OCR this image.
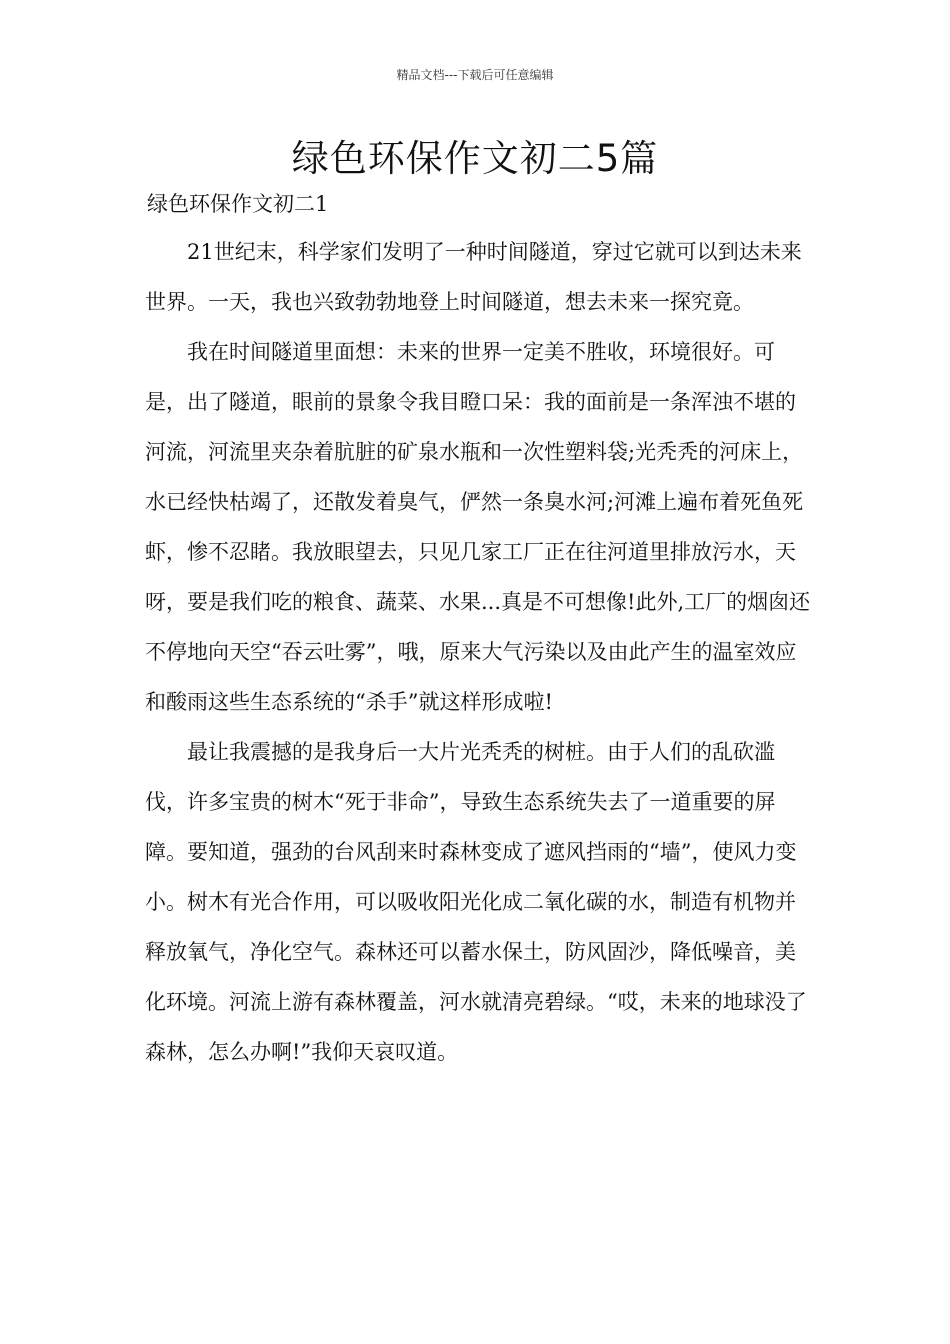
精品文档---下载后可任意编辑
绿色环保作文初二5篇
绿色环保作文初二1

21世纪末，科学家们发明了一种时间隧道，穿过它就可以到达未来世界。一天，我也兴致勃勃地登上时间隧道，想去未来一探究竟。

我在时间隧道里面想：未来的世界一定美不胜收，环境很好。可是，出了隧道，眼前的景象令我目瞪口呆：我的面前是一条浑浊不堪的河流，河流里夹杂着肮脏的矿泉水瓶和一次性塑料袋;光秃秃的河床上，水已经快枯竭了，还散发着臭气，俨然一条臭水河;河滩上遍布着死鱼死虾，惨不忍睹。我放眼望去，只见几家工厂正在往河道里排放污水，天呀，要是我们吃的粮食、蔬菜、水果...真是不可想像!此外,工厂的烟囱还不停地向天空“吞云吐雾”，哦，原来大气污染以及由此产生的温室效应和酸雨这些生态系统的“杀手”就这样形成啦!

最让我震撼的是我身后一大片光秃秃的树桩。由于人们的乱砍滥伐，许多宝贵的树木“死于非命”，导致生态系统失去了一道重要的屏障。要知道，强劲的台风刮来时森林变成了遮风挡雨的“墙”，使风力变小。树木有光合作用，可以吸收阳光化成二氧化碳的水，制造有机物并释放氧气，净化空气。森林还可以蓄水保土，防风固沙，降低噪音，美化环境。河流上游有森林覆盖，河水就清亮碧绿。“哎，未来的地球没了森林，怎么办啊!”我仰天哀叹道。
